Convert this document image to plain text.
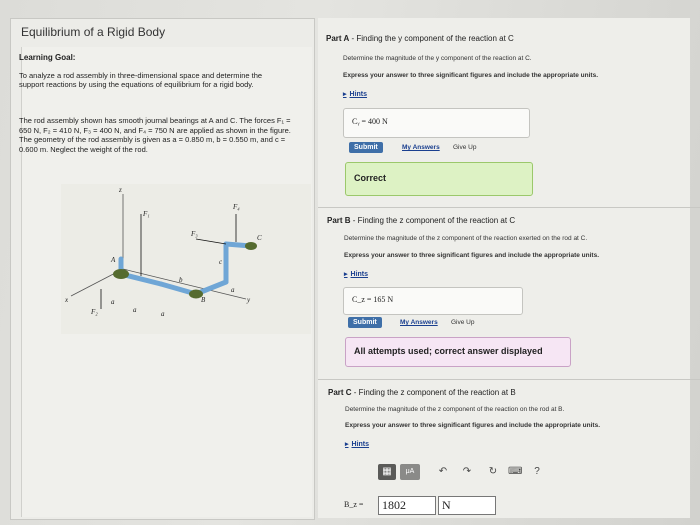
Equilibrium of a Rigid Body
Learning Goal:
To analyze a rod assembly in three-dimensional space and determine the support reactions by using the equations of equilibrium for a rigid body.
The rod assembly shown has smooth journal bearings at A and C. The forces F₁ = 650 N, F₂ = 410 N, F₃ = 400 N, and F₄ = 750 N are applied as shown in the figure. The geometry of the rod assembly is given as a = 0.850 m, b = 0.550 m, and c = 0.600 m. Neglect the weight of the rod.
z
x	y
F₁
F₄
F₃
F₂
C
A
B
a
a	a
b
c
a
Part A - Finding the y component of the reaction at C
Determine the magnitude of the y component of the reaction at C.
Express your answer to three significant figures and include the appropriate units.
▸ Hints
Cᵧ = 400 N
Submit	My Answers Give Up
Correct
Part B - Finding the z component of the reaction at C
Determine the magnitude of the z component of the reaction exerted on the rod at C.
Express your answer to three significant figures and include the appropriate units.
▸ Hints
C_z = 165 N
Submit	My Answers Give Up
All attempts used; correct answer displayed
Part C - Finding the z component of the reaction at B
Determine the magnitude of the z component of the reaction on the rod at B.
Express your answer to three significant figures and include the appropriate units.
▸ Hints
▦	μA	↶ ↷ ↻ ⌨	?
B_z = 1802	N
